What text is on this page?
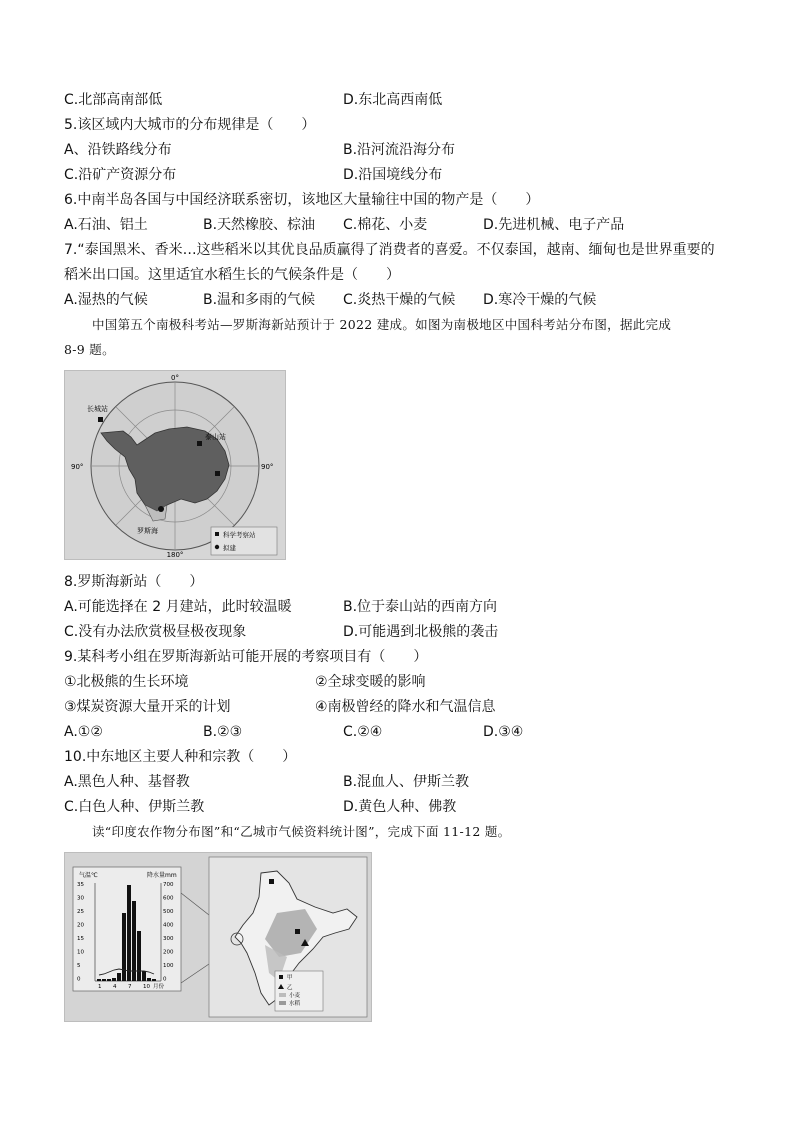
C.北部高南部低	D.东北高西南低
5.该区域内大城市的分布规律是（　　）
A、沿铁路线分布	B.沿河流沿海分布
C.沿矿产资源分布	D.沿国境线分布
6.中南半岛各国与中国经济联系密切，该地区大量输往中国的物产是（　　）
A.石油、铝土	B.天然橡胶、棕油 C.棉花、小麦	D.先进机械、电子产品
7.“泰国黑米、香米…这些稻米以其优良品质赢得了消费者的喜爱。不仅泰国，越南、缅甸也是世界重要的
稻米出口国。这里适宜水稻生长的气候条件是（　　）
A.湿热的气候	B.温和多雨的气候 C.炎热干燥的气候 D.寒冷干燥的气候
中国第五个南极科考站—罗斯海新站预计于 2022 建成。如图为南极地区中国科考站分布图，据此完成
8-9 题。
0°
90°	90°
180°
长城站
泰山站
罗斯海	科学考察站
拟建
8.罗斯海新站（　　）
A.可能选择在 2 月建站，此时较温暖	B.位于泰山站的西南方向
C.没有办法欣赏极昼极夜现象	D.可能遇到北极熊的袭击
9.某科考小组在罗斯海新站可能开展的考察项目有（　　）
①北极熊的生长环境	②全球变暖的影响
③煤炭资源大量开采的计划	④南极曾经的降水和气温信息
A.①②	B.②③	C.②④	D.③④
10.中东地区主要人种和宗教（　　）
A.黑色人种、基督教	B.混血人、伊斯兰教
C.白色人种、伊斯兰教	D.黄色人种、佛教
读“印度农作物分布图”和“乙城市气候资料统计图”，完成下面 11-12 题。
气温℃	降水量mm
35
30
25
20
15
10
5
0
700
600
500
400
300
200
100
0
1 4 7 10 月份
甲
乙
小麦
水稻
